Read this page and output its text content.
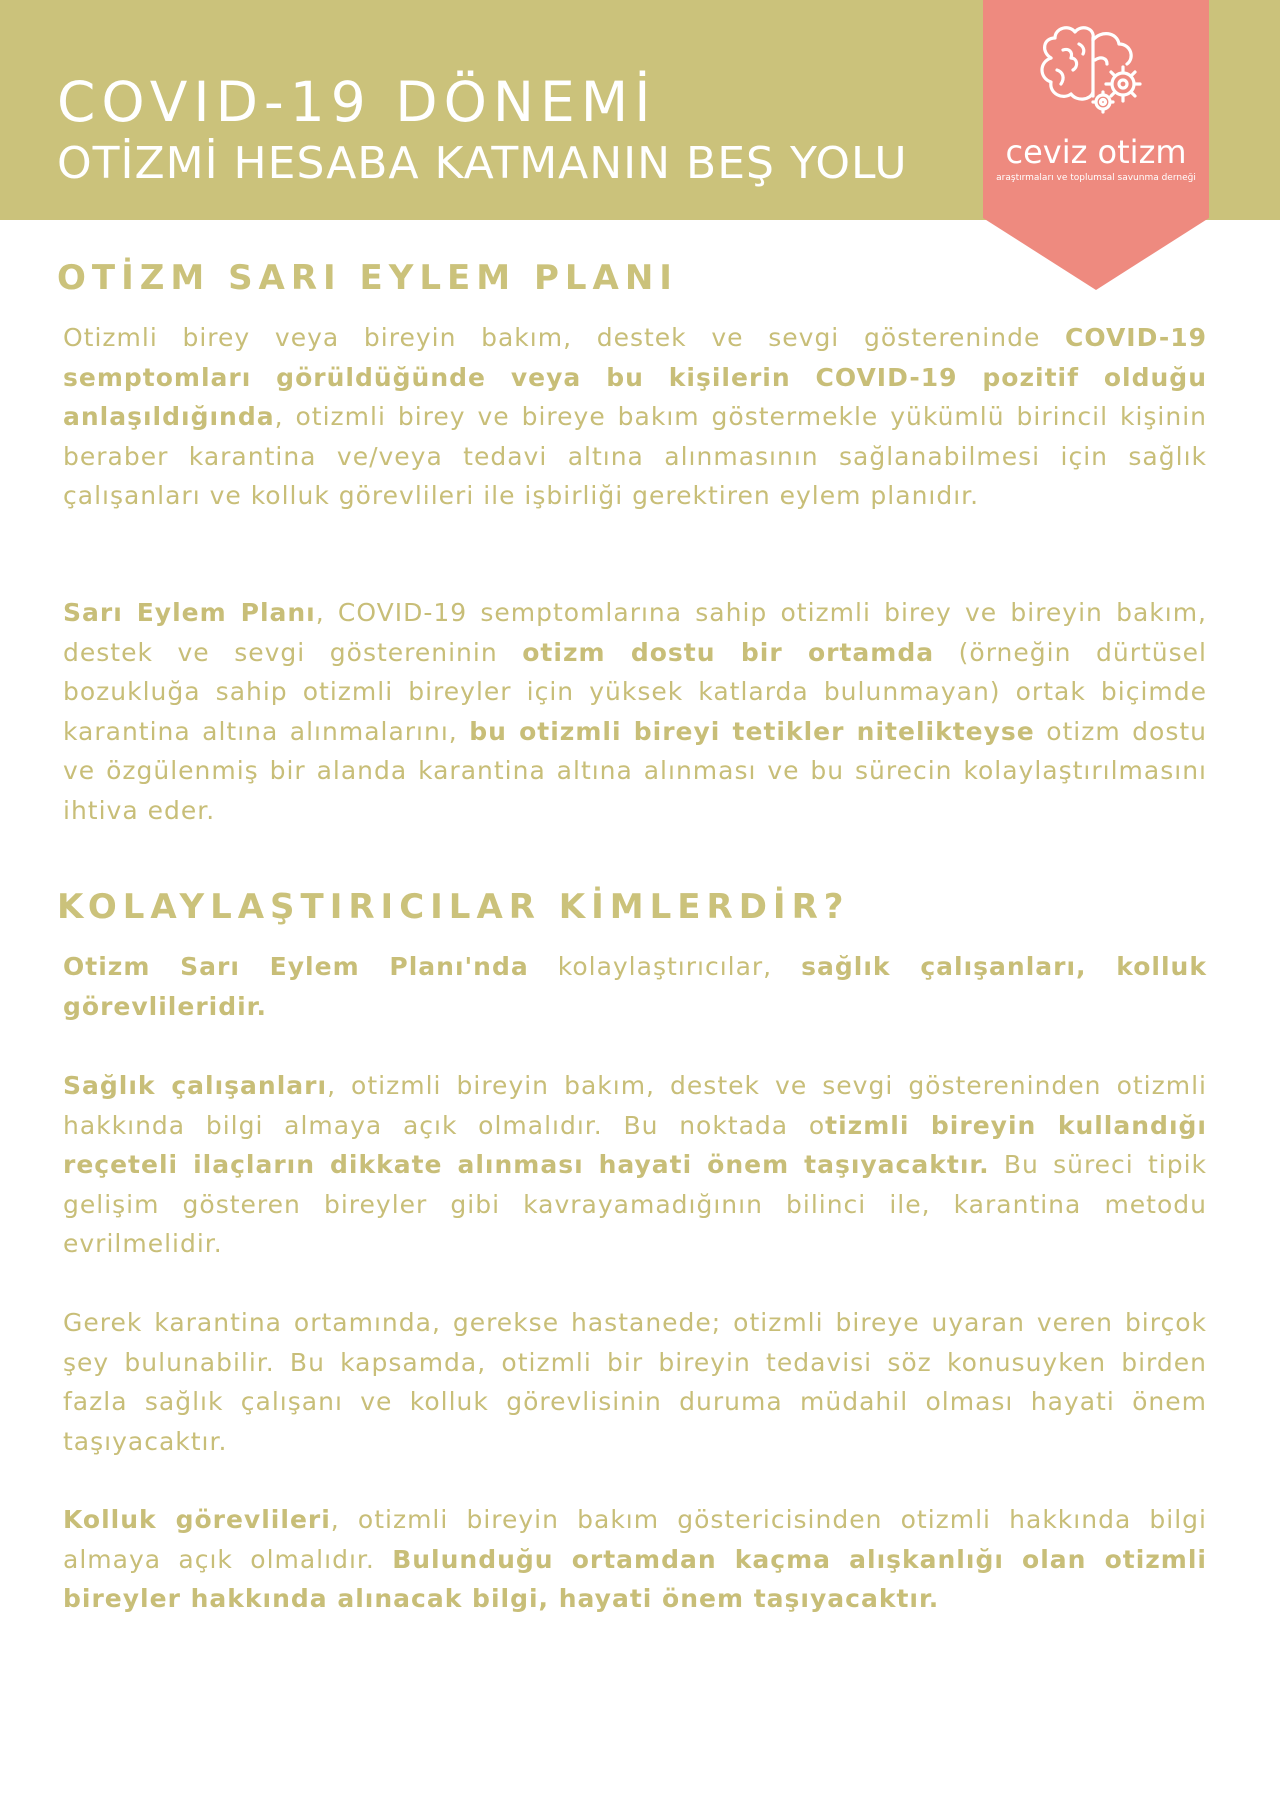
COVID-19 DÖNEMİ
OTİZMİ HESABA KATMANIN BEŞ YOLU	ceviz otizm
araştırmaları ve toplumsal savunma derneği
OTİZM SARI EYLEM PLANI

Otizmli birey veya bireyin bakım, destek ve sevgi göstereninde COVID-19 semptomları görüldüğünde veya bu kişilerin COVID-19 pozitif olduğu anlaşıldığında, otizmli birey ve bireye bakım göstermekle yükümlü birincil kişinin beraber karantina ve/veya tedavi altına alınmasının sağlanabilmesi için sağlık çalışanları ve kolluk görevlileri ile işbirliği gerektiren eylem planıdır.

Sarı Eylem Planı, COVID-19 semptomlarına sahip otizmli birey ve bireyin bakım, destek ve sevgi göstereninin otizm dostu bir ortamda (örneğin dürtüsel bozukluğa sahip otizmli bireyler için yüksek katlarda bulunmayan) ortak biçimde karantina altına alınmalarını, bu otizmli bireyi tetikler nitelikteyse otizm dostu ve özgülenmiş bir alanda karantina altına alınması ve bu sürecin kolaylaştırılmasını ihtiva eder.

KOLAYLAŞTIRICILAR KİMLERDİR?

Otizm Sarı Eylem Planı'nda kolaylaştırıcılar, sağlık çalışanları, kolluk görevlileridir.

Sağlık çalışanları, otizmli bireyin bakım, destek ve sevgi göstereninden otizmli hakkında bilgi almaya açık olmalıdır. Bu noktada otizmli bireyin kullandığı reçeteli ilaçların dikkate alınması hayati önem taşıyacaktır. Bu süreci tipik gelişim gösteren bireyler gibi kavrayamadığının bilinci ile, karantina metodu evrilmelidir.

Gerek karantina ortamında, gerekse hastanede; otizmli bireye uyaran veren birçok şey bulunabilir. Bu kapsamda, otizmli bir bireyin tedavisi söz konusuyken birden fazla sağlık çalışanı ve kolluk görevlisinin duruma müdahil olması hayati önem taşıyacaktır.

Kolluk görevlileri, otizmli bireyin bakım göstericisinden otizmli hakkında bilgi almaya açık olmalıdır. Bulunduğu ortamdan kaçma alışkanlığı olan otizmli bireyler hakkında alınacak bilgi, hayati önem taşıyacaktır.
